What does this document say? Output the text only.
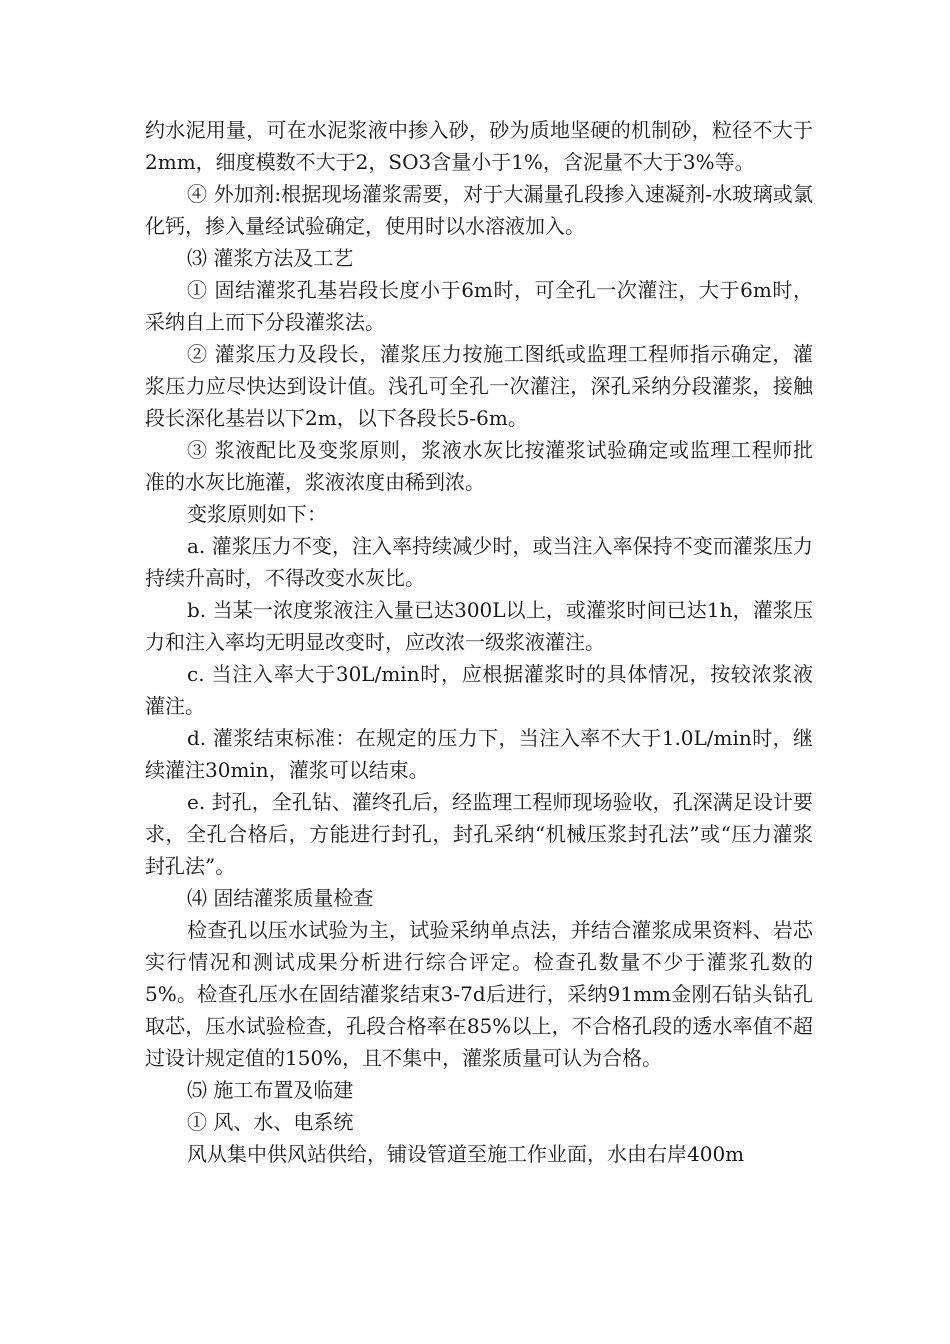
约水泥用量，可在水泥浆液中掺入砂，砂为质地坚硬的机制砂，粒径不大于2mm，细度模数不大于2，SO3含量小于1%，含泥量不大于3%等。

④ 外加剂:根据现场灌浆需要，对于大漏量孔段掺入速凝剂-水玻璃或氯化钙，掺入量经试验确定，使用时以水溶液加入。

⑶ 灌浆方法及工艺

① 固结灌浆孔基岩段长度小于6m时，可全孔一次灌注，大于6m时，采纳自上而下分段灌浆法。

② 灌浆压力及段长，灌浆压力按施工图纸或监理工程师指示确定，灌浆压力应尽快达到设计值。浅孔可全孔一次灌注，深孔采纳分段灌浆，接触段长深化基岩以下2m，以下各段长5-6m。

③ 浆液配比及变浆原则，浆液水灰比按灌浆试验确定或监理工程师批准的水灰比施灌，浆液浓度由稀到浓。

变浆原则如下：

a. 灌浆压力不变，注入率持续减少时，或当注入率保持不变而灌浆压力持续升高时，不得改变水灰比。

b. 当某一浓度浆液注入量已达300L以上，或灌浆时间已达1h，灌浆压力和注入率均无明显改变时，应改浓一级浆液灌注。

c. 当注入率大于30L/min时，应根据灌浆时的具体情况，按较浓浆液灌注。

d. 灌浆结束标准：在规定的压力下，当注入率不大于1.0L/min时，继续灌注30min，灌浆可以结束。

e. 封孔，全孔钻、灌终孔后，经监理工程师现场验收，孔深满足设计要求，全孔合格后，方能进行封孔，封孔采纳“机械压浆封孔法”或“压力灌浆封孔法”。

⑷ 固结灌浆质量检查

检查孔以压水试验为主，试验采纳单点法，并结合灌浆成果资料、岩芯实行情况和测试成果分析进行综合评定。检查孔数量不少于灌浆孔数的5%。检查孔压水在固结灌浆结束3-7d后进行，采纳91mm金刚石钻头钻孔取芯，压水试验检查，孔段合格率在85%以上，不合格孔段的透水率值不超过设计规定值的150%，且不集中，灌浆质量可认为合格。

⑸ 施工布置及临建

① 风、水、电系统

风从集中供风站供给，铺设管道至施工作业面，水由右岸400m
